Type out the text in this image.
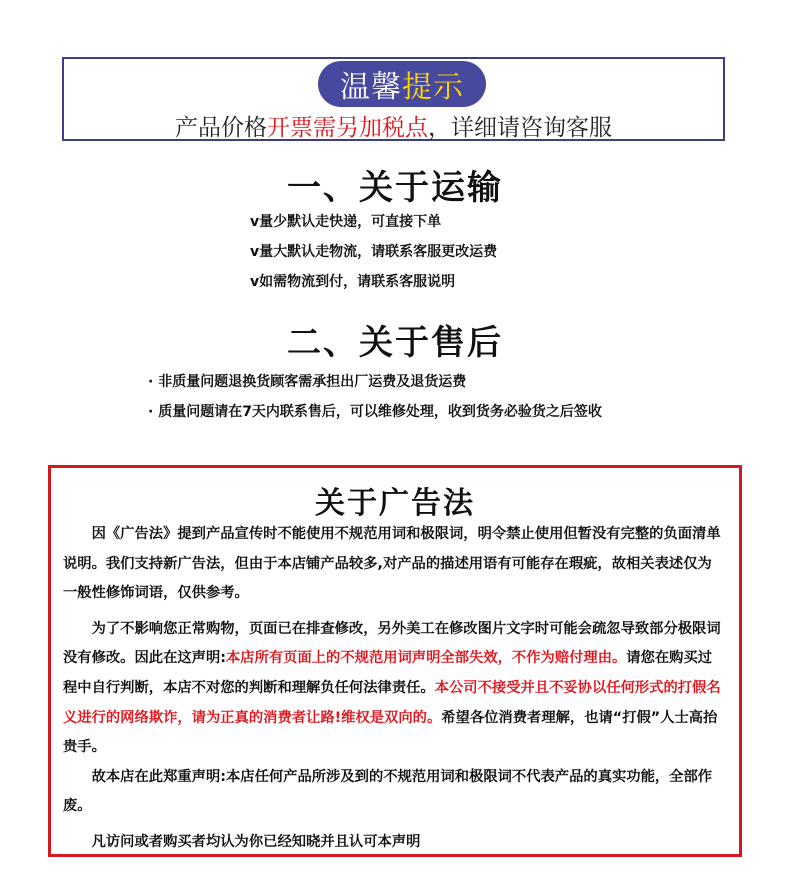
温馨 提示
产品价格开票需另加税点，详细请咨询客服
一、关于运输
v量少默认走快递，可直接下单
v量大默认走物流，请联系客服更改运费
v如需物流到付，请联系客服说明
二、关于售后
· 非质量问题退换货顾客需承担出厂运费及退货运费
· 质量问题请在7天内联系售后，可以维修处理，收到货务必验货之后签收
关于广告法

因《广告法》提到产品宣传时不能使用不规范用词和极限词，明令禁止使用但暂没有完整的负面清单说明。我们支持新广告法，但由于本店铺产品较多,对产品的描述用语有可能存在瑕疵，故相关表述仅为一般性修饰词语，仅供参考。

为了不影响您正常购物，页面已在排查修改，另外美工在修改图片文字时可能会疏忽导致部分极限词没有修改。因此在这声明:本店所有页面上的不规范用词声明全部失效，不作为赔付理由。请您在购买过程中自行判断，本店不对您的判断和理解负任何法律责任。本公司不接受并且不妥协以任何形式的打假名义进行的网络欺诈，请为正真的消费者让路!维权是双向的。希望各位消费者理解，也请“打假”人士高抬贵手。

故本店在此郑重声明:本店任何产品所涉及到的不规范用词和极限词不代表产品的真实功能，全部作废。

凡访问或者购买者均认为你已经知晓并且认可本声明
